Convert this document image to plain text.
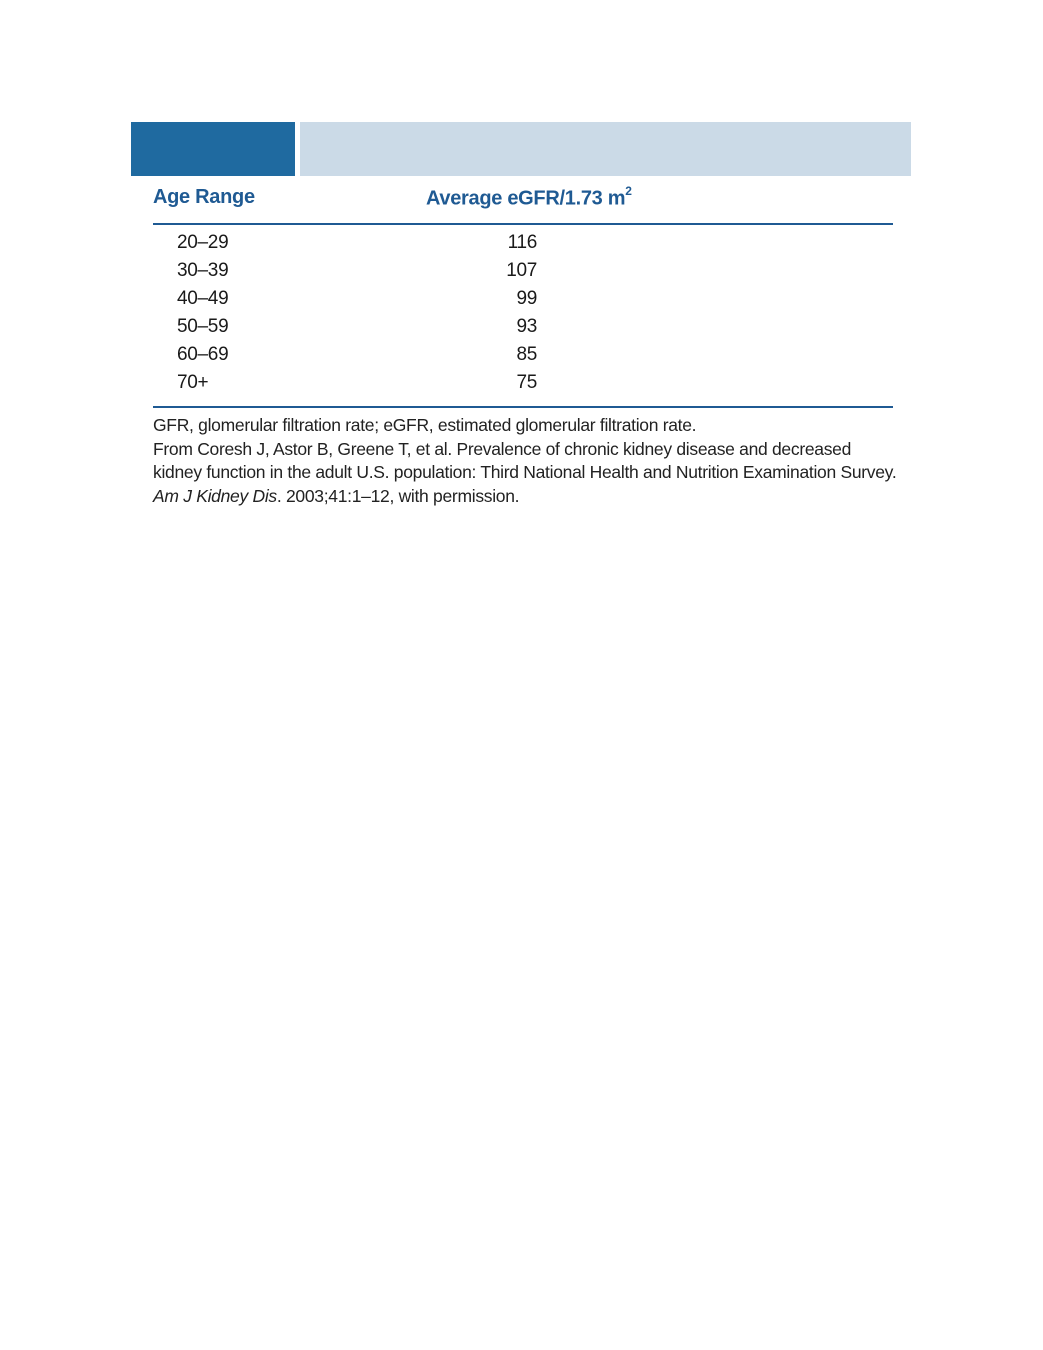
Age Range	Average eGFR/1.73 $m^2$
20–29	116
30–39	107
40–49	99
50–59	93
60–69	85
70+	75

GFR, glomerular filtration rate; eGFR, estimated glomerular filtration rate.

From Coresh J, Astor B, Greene T, et al. Prevalence of chronic kidney disease and decreased kidney function in the adult U.S. population: Third National Health and Nutrition Examination Survey. Am J Kidney Dis. 2003;41:1–12, with permission.
